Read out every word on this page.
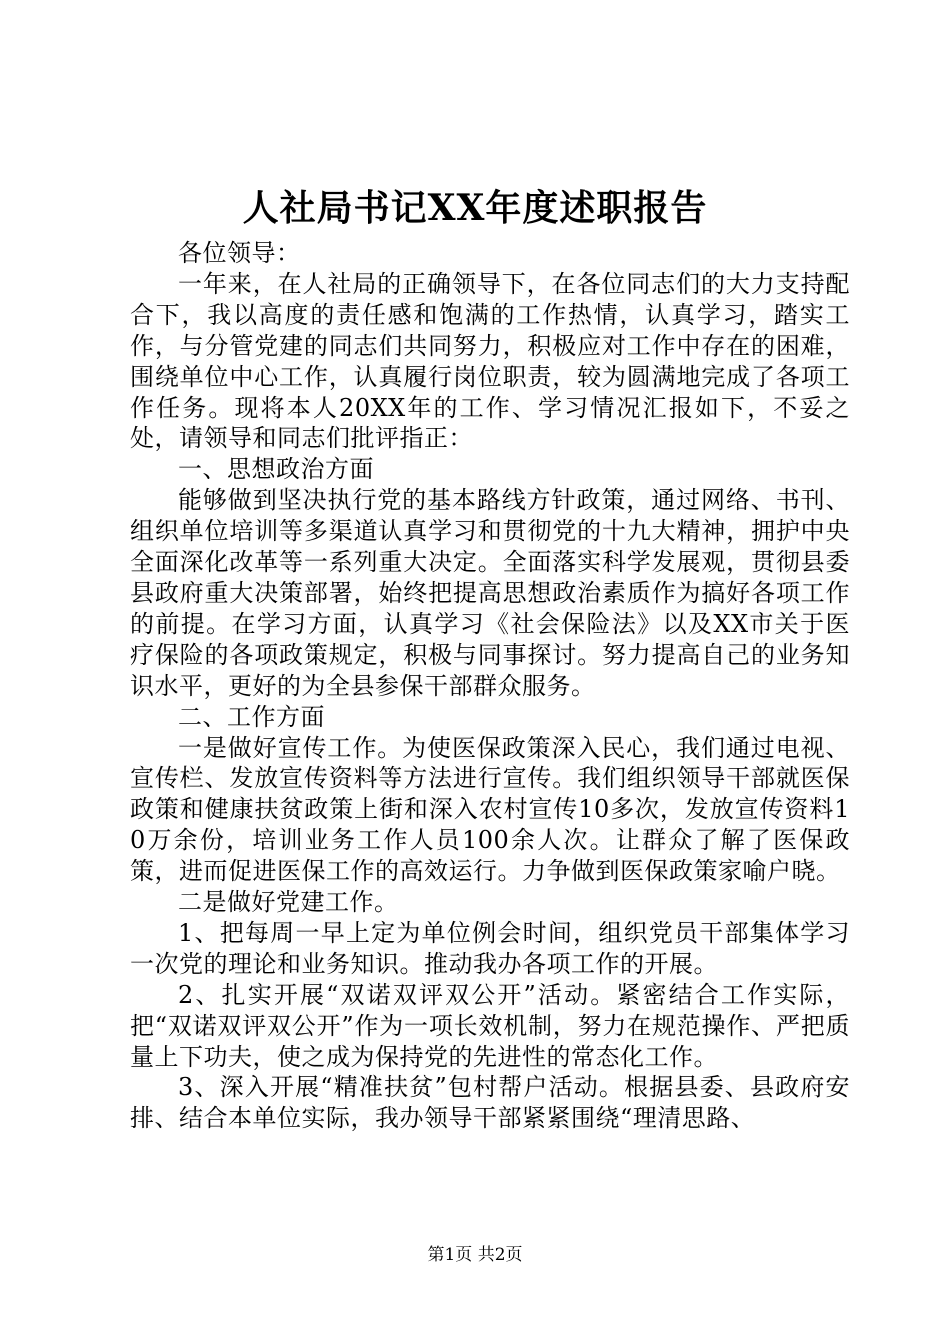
人社局书记XX年度述职报告

各位领导：

一年来，在人社局的正确领导下，在各位同志们的大力支持配合下，我以高度的责任感和饱满的工作热情，认真学习，踏实工作，与分管党建的同志们共同努力，积极应对工作中存在的困难，围绕单位中心工作，认真履行岗位职责，较为圆满地完成了各项工作任务。现将本人20XX年的工作、学习情况汇报如下，不妥之处，请领导和同志们批评指正：

一、思想政治方面

能够做到坚决执行党的基本路线方针政策，通过网络、书刊、组织单位培训等多渠道认真学习和贯彻党的十九大精神，拥护中央全面深化改革等一系列重大决定。全面落实科学发展观，贯彻县委县政府重大决策部署，始终把提高思想政治素质作为搞好各项工作的前提。在学习方面，认真学习《社会保险法》以及XX市关于医疗保险的各项政策规定，积极与同事探讨。努力提高自己的业务知识水平，更好的为全县参保干部群众服务。

二、工作方面

一是做好宣传工作。为使医保政策深入民心，我们通过电视、宣传栏、发放宣传资料等方法进行宣传。我们组织领导干部就医保政策和健康扶贫政策上街和深入农村宣传10多次，发放宣传资料10万余份，培训业务工作人员100余人次。让群众了解了医保政策，进而促进医保工作的高效运行。力争做到医保政策家喻户晓。

二是做好党建工作。

1、把每周一早上定为单位例会时间，组织党员干部集体学习一次党的理论和业务知识。推动我办各项工作的开展。

2、扎实开展“双诺双评双公开”活动。紧密结合工作实际，把“双诺双评双公开”作为一项长效机制，努力在规范操作、严把质量上下功夫，使之成为保持党的先进性的常态化工作。

3、深入开展“精准扶贫”包村帮户活动。根据县委、县政府安排、结合本单位实际，我办领导干部紧紧围绕“理清思路、

第1页 共2页
